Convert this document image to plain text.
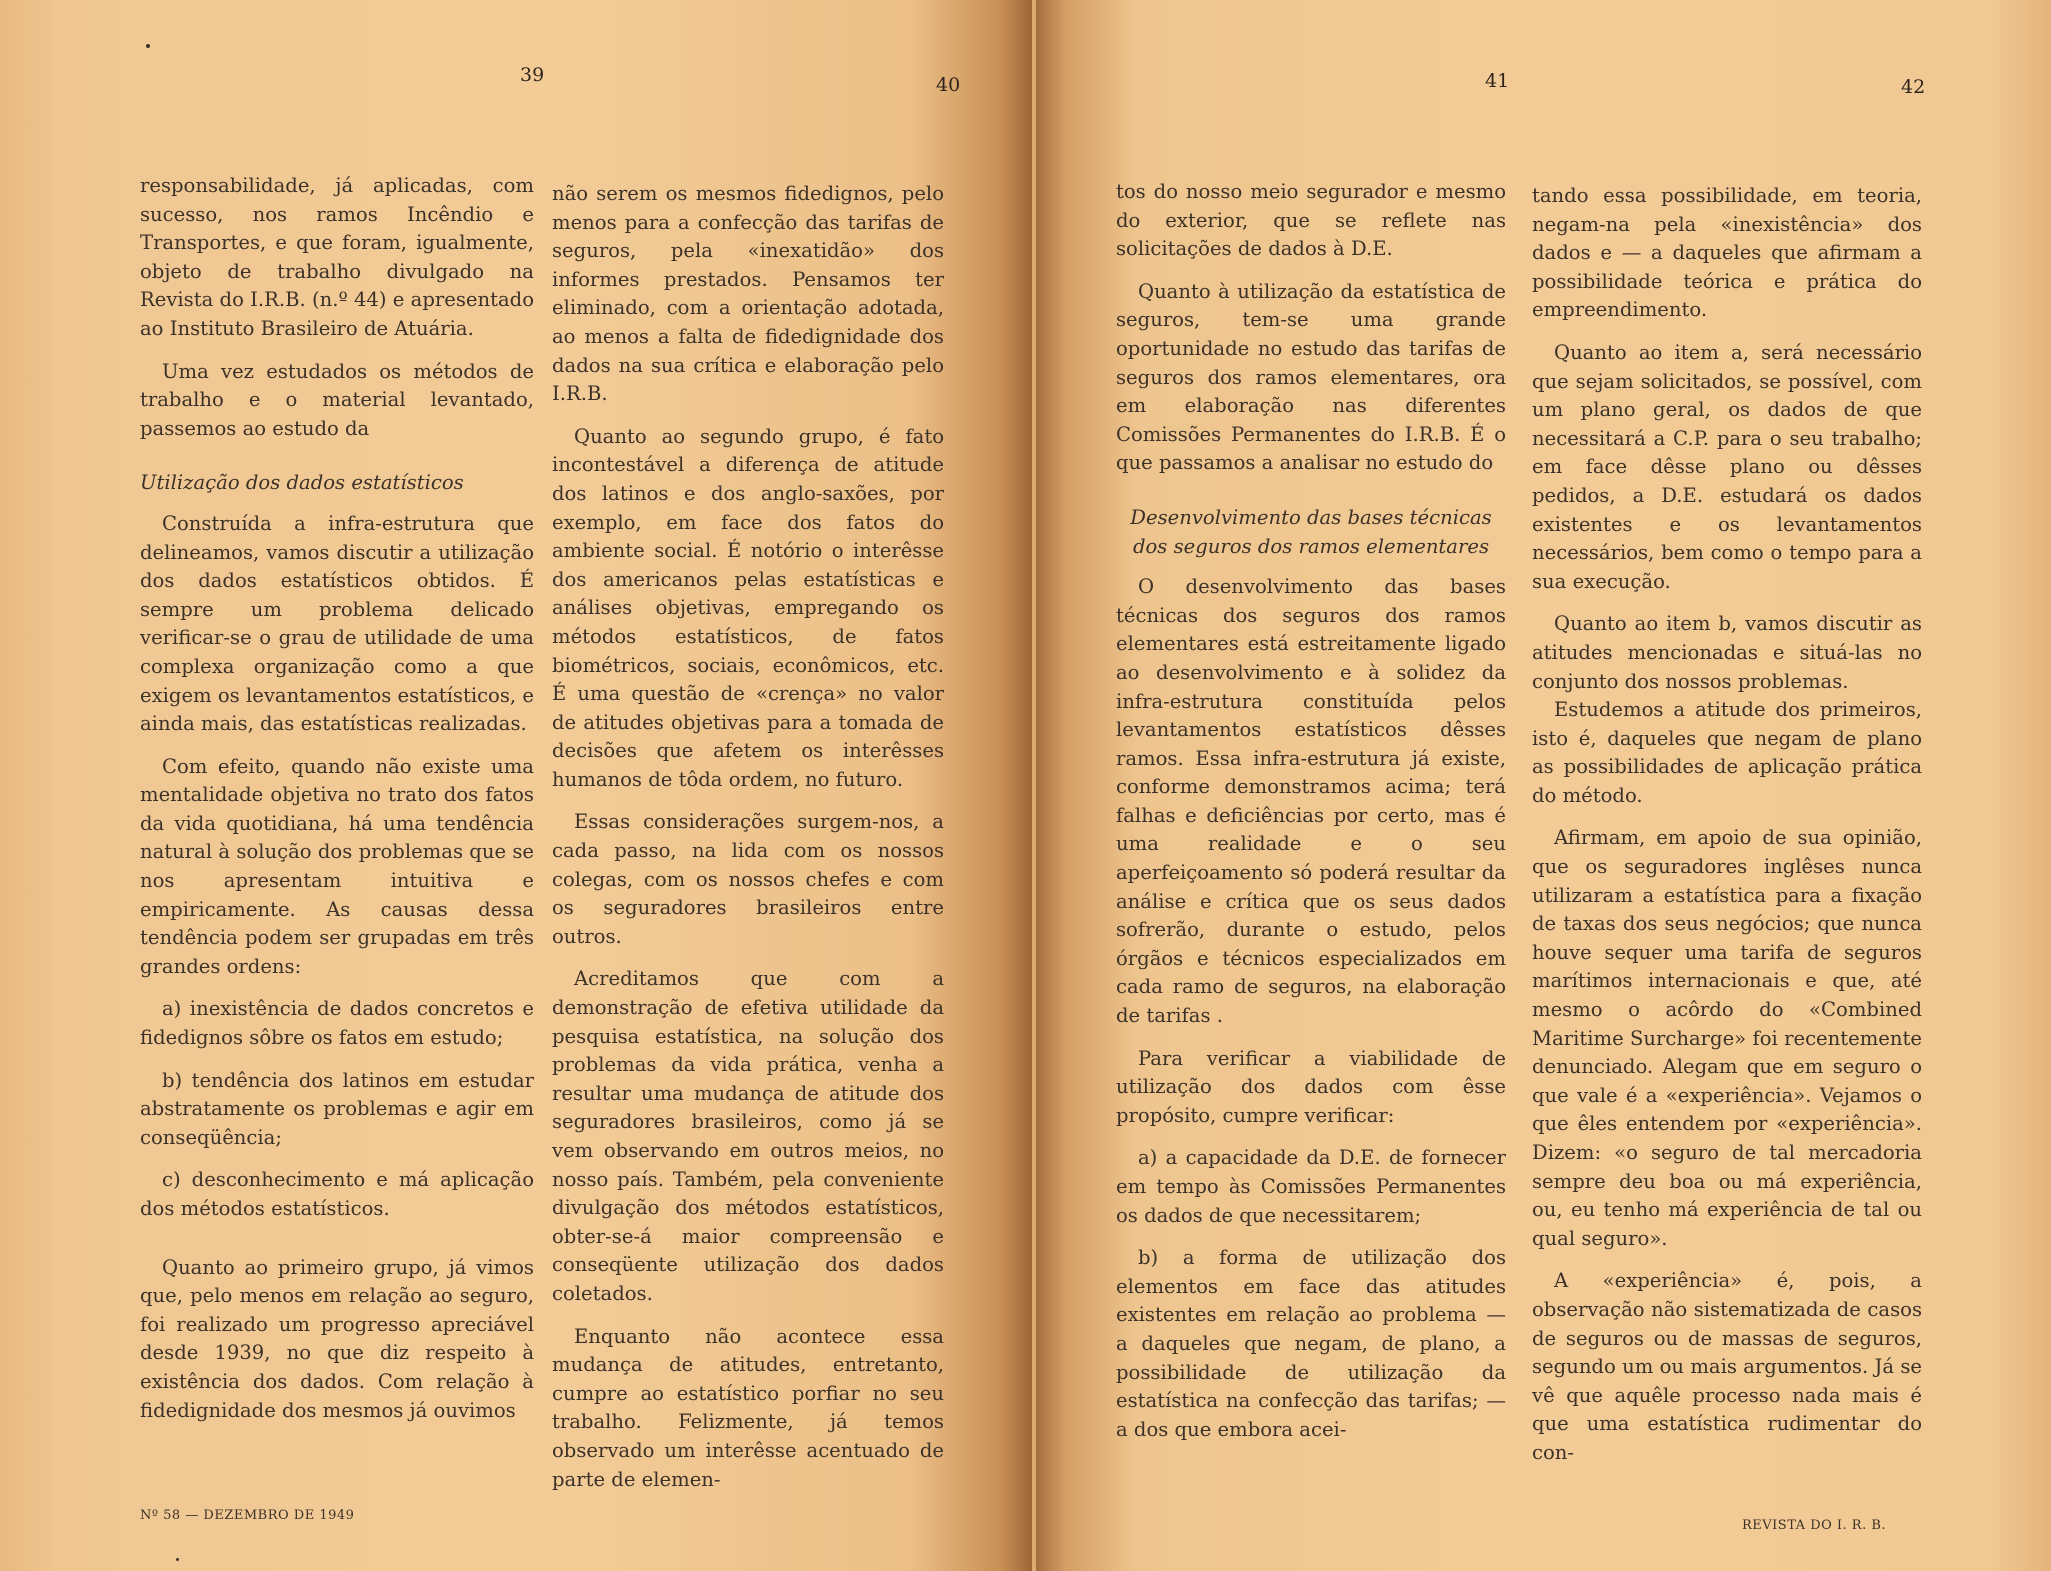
39	40

responsabilidade, já aplicadas, com sucesso, nos ramos Incêndio e Transportes, e que foram, igualmente, objeto de trabalho divulgado na Revista do I.R.B. (n.º 44) e apresentado ao Instituto Brasileiro de Atuária.

Uma vez estudados os métodos de trabalho e o material levantado, passemos ao estudo da

Utilização dos dados estatísticos

Construída a infra-estrutura que delineamos, vamos discutir a utilização dos dados estatísticos obtidos. É sempre um problema delicado verificar-se o grau de utilidade de uma complexa organização como a que exigem os levantamentos estatísticos, e ainda mais, das estatísticas realizadas.

Com efeito, quando não existe uma mentalidade objetiva no trato dos fatos da vida quotidiana, há uma tendência natural à solução dos problemas que se nos apresentam intuitiva e empiricamente. As causas dessa tendência podem ser grupadas em três grandes ordens:

a) inexistência de dados concretos e fidedignos sôbre os fatos em estudo;

b) tendência dos latinos em estudar abstratamente os problemas e agir em conseqüência;

c) desconhecimento e má aplicação dos métodos estatísticos.

Quanto ao primeiro grupo, já vimos que, pelo menos em relação ao seguro, foi realizado um progresso apreciável desde 1939, no que diz respeito à existência dos dados. Com relação à fidedignidade dos mesmos já ouvimos

não serem os mesmos fidedignos, pelo menos para a confecção das tarifas de seguros, pela «inexatidão» dos informes prestados. Pensamos ter eliminado, com a orientação adotada, ao menos a falta de fidedignidade dos dados na sua crítica e elaboração pelo I.R.B.

Quanto ao segundo grupo, é fato incontestável a diferença de atitude dos latinos e dos anglo-saxões, por exemplo, em face dos fatos do ambiente social. É notório o interêsse dos americanos pelas estatísticas e análises objetivas, empregando os métodos estatísticos, de fatos biométricos, sociais, econômicos, etc. É uma questão de «crença» no valor de atitudes objetivas para a tomada de decisões que afetem os interêsses humanos de tôda ordem, no futuro.

Essas considerações surgem-nos, a cada passo, na lida com os nossos colegas, com os nossos chefes e com os seguradores brasileiros entre outros.

Acreditamos que com a demonstração de efetiva utilidade da pesquisa estatística, na solução dos problemas da vida prática, venha a resultar uma mudança de atitude dos seguradores brasileiros, como já se vem observando em outros meios, no nosso país. Também, pela conveniente divulgação dos métodos estatísticos, obter-se-á maior compreensão e conseqüente utilização dos dados coletados.

Enquanto não acontece essa mudança de atitudes, entretanto, cumpre ao estatístico porfiar no seu trabalho. Felizmente, já temos observado um interêsse acentuado de parte de elemen-

Nº 58 — DEZEMBRO DE 1949
41	42

tos do nosso meio segurador e mesmo do exterior, que se reflete nas solicitações de dados à D.E.

Quanto à utilização da estatística de seguros, tem-se uma grande oportunidade no estudo das tarifas de seguros dos ramos elementares, ora em elaboração nas diferentes Comissões Permanentes do I.R.B. É o que passamos a analisar no estudo do

Desenvolvimento das bases técnicas

dos seguros dos ramos elementares

O desenvolvimento das bases técnicas dos seguros dos ramos elementares está estreitamente ligado ao desenvolvimento e à solidez da infra-estrutura constituída pelos levantamentos estatísticos dêsses ramos. Essa infra-estrutura já existe, conforme demonstramos acima; terá falhas e deficiências por certo, mas é uma realidade e o seu aperfeiçoamento só poderá resultar da análise e crítica que os seus dados sofrerão, durante o estudo, pelos órgãos e técnicos especializados em cada ramo de seguros, na elaboração de tarifas .

Para verificar a viabilidade de utilização dos dados com êsse propósito, cumpre verificar:

a) a capacidade da D.E. de fornecer em tempo às Comissões Permanentes os dados de que necessitarem;

b) a forma de utilização dos elementos em face das atitudes existentes em relação ao problema — a daqueles que negam, de plano, a possibilidade de utilização da estatística na confecção das tarifas; — a dos que embora acei-

tando essa possibilidade, em teoria, negam-na pela «inexistência» dos dados e — a daqueles que afirmam a possibilidade teórica e prática do empreendimento.

Quanto ao item a, será necessário que sejam solicitados, se possível, com um plano geral, os dados de que necessitará a C.P. para o seu trabalho; em face dêsse plano ou dêsses pedidos, a D.E. estudará os dados existentes e os levantamentos necessários, bem como o tempo para a sua execução.

Quanto ao item b, vamos discutir as atitudes mencionadas e situá-las no conjunto dos nossos problemas.

Estudemos a atitude dos primeiros, isto é, daqueles que negam de plano as possibilidades de aplicação prática do método.

Afirmam, em apoio de sua opinião, que os seguradores inglêses nunca utilizaram a estatística para a fixação de taxas dos seus negócios; que nunca houve sequer uma tarifa de seguros marítimos internacionais e que, até mesmo o acôrdo do «Combined Maritime Surcharge» foi recentemente denunciado. Alegam que em seguro o que vale é a «experiência». Vejamos o que êles entendem por «experiência». Dizem: «o seguro de tal mercadoria sempre deu boa ou má experiência, ou, eu tenho má experiência de tal ou qual seguro».

A «experiência» é, pois, a observação não sistematizada de casos de seguros ou de massas de seguros, segundo um ou mais argumentos. Já se vê que aquêle processo nada mais é que uma estatística rudimentar do con-

REVISTA DO I. R. B.
